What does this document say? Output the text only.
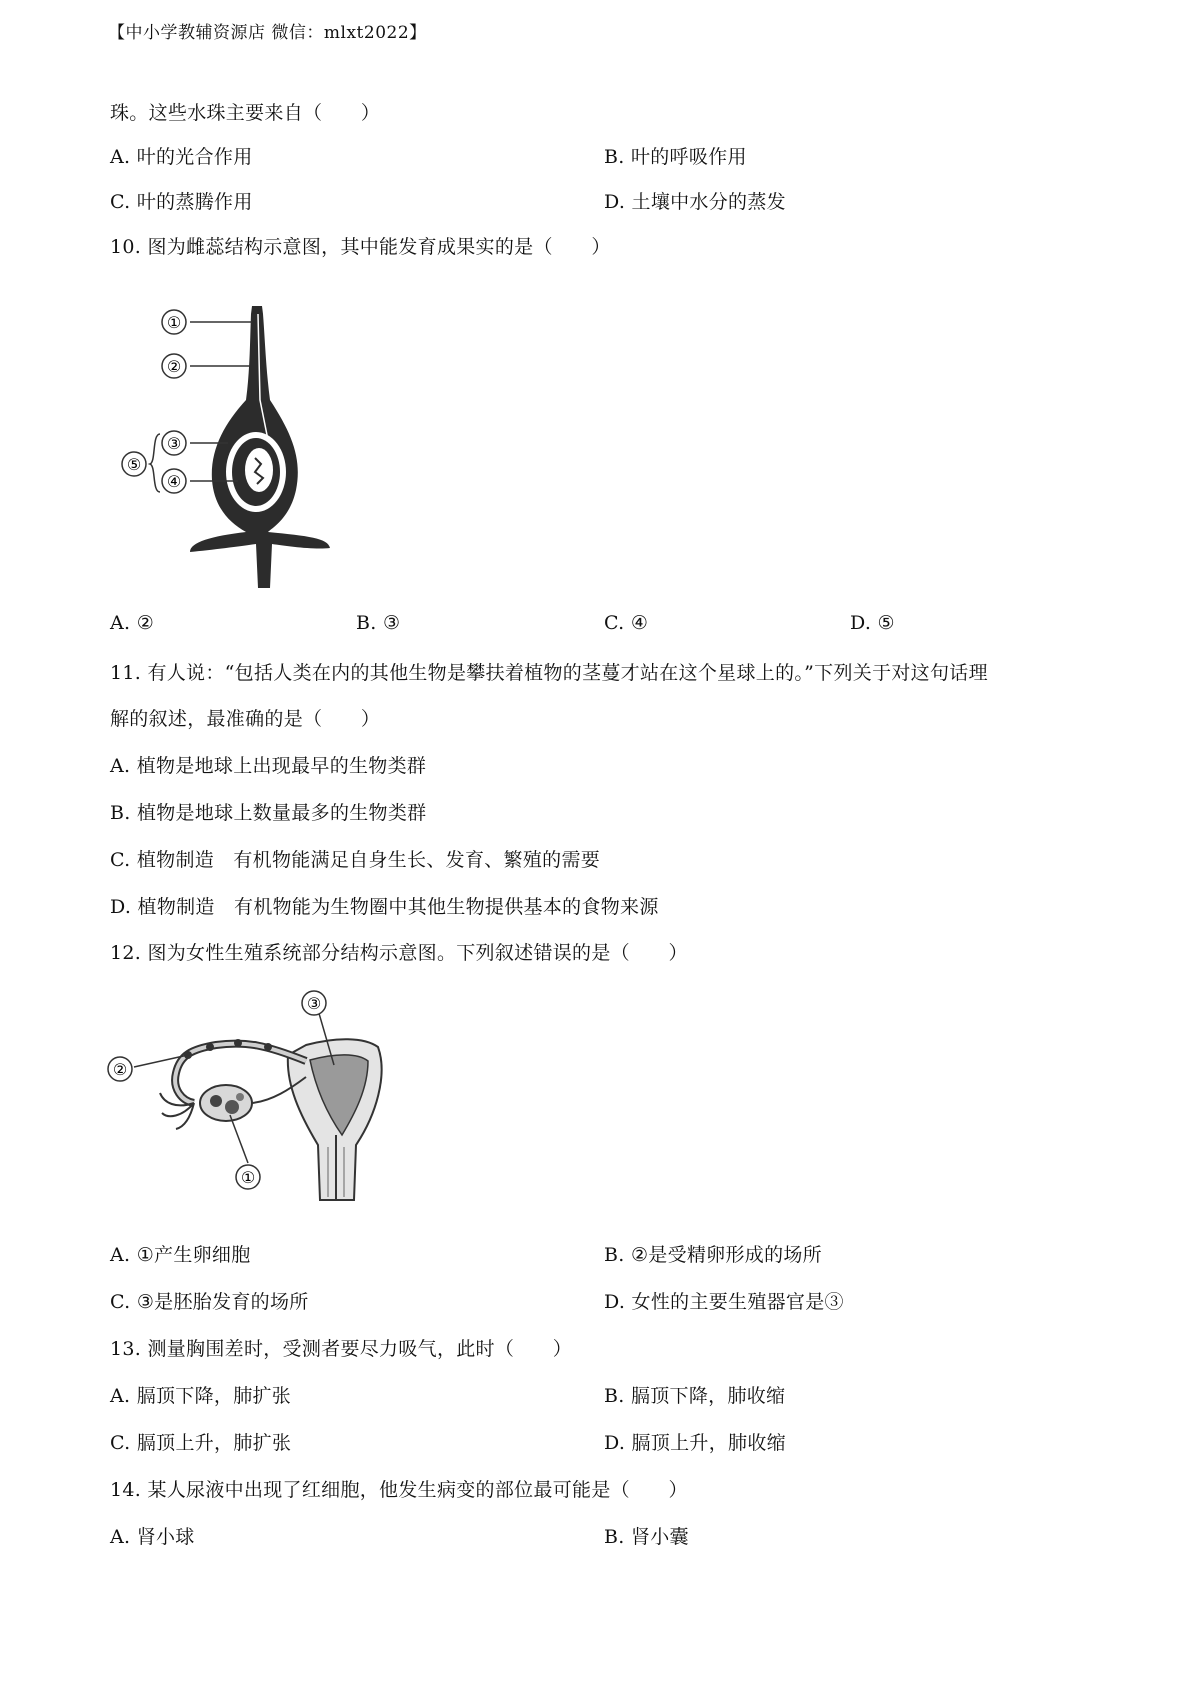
【中小学教辅资源店 微信：mlxt2022】
珠。这些水珠主要来自（　　）
A. 叶的光合作用	B. 叶的呼吸作用
C. 叶的蒸腾作用	D. 土壤中水分的蒸发
10. 图为雌蕊结构示意图，其中能发育成果实的是（　　）
①
②
③
④
⑤
A. ②	B. ③	C. ④	D. ⑤
11. 有人说：“包括人类在内的其他生物是攀扶着植物的茎蔓才站在这个星球上的。”下列关于对这句话理
解的叙述，最准确的是（　　）
A. 植物是地球上出现最早的生物类群
B. 植物是地球上数量最多的生物类群
C. 植物制造　有机物能满足自身生长、发育、繁殖的需要
D. 植物制造　有机物能为生物圈中其他生物提供基本的食物来源
12. 图为女性生殖系统部分结构示意图。下列叙述错误的是（　　）
①
②
③
A. ①产生卵细胞	B. ②是受精卵形成的场所
C. ③是胚胎发育的场所	D. 女性的主要生殖器官是③
13. 测量胸围差时，受测者要尽力吸气，此时（　　）
A. 膈顶下降，肺扩张	B. 膈顶下降，肺收缩
C. 膈顶上升，肺扩张	D. 膈顶上升，肺收缩
14. 某人尿液中出现了红细胞，他发生病变的部位最可能是（　　）
A. 肾小球	B. 肾小囊
